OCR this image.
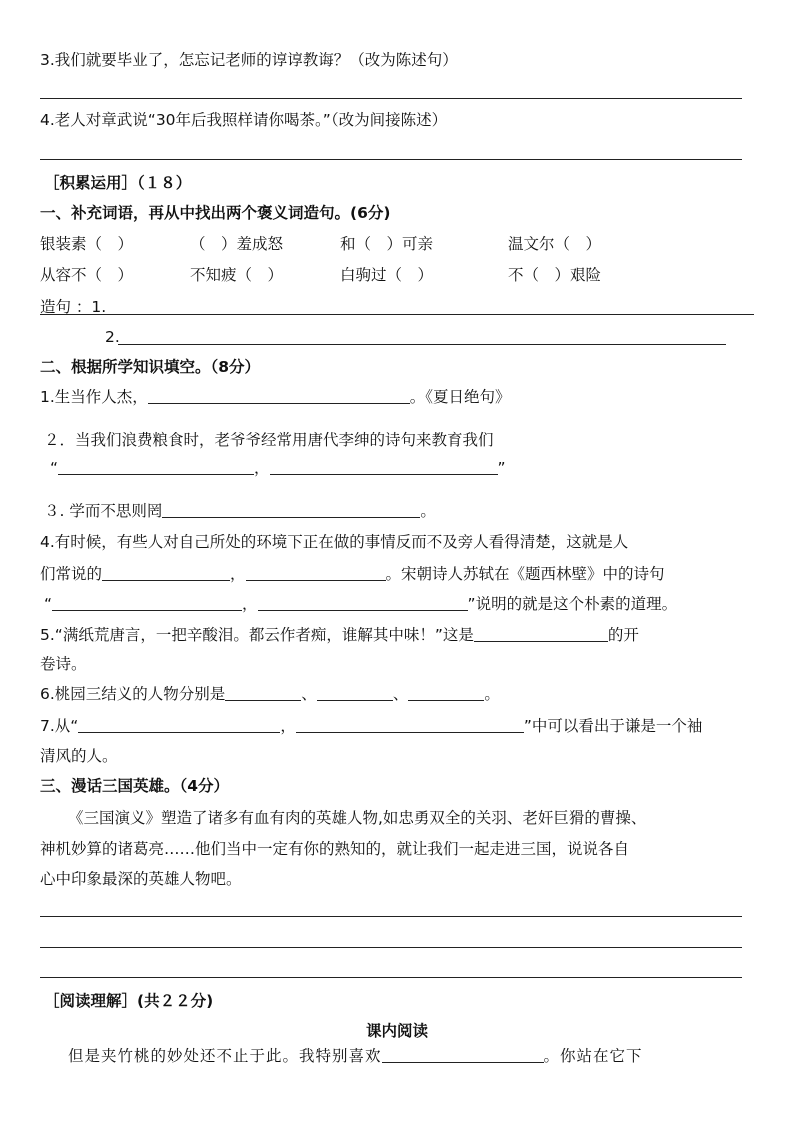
3.我们就要毕业了，怎忘记老师的谆谆教诲？（改为陈述句）
4.老人对章武说“30年后我照样请你喝茶。”（改为间接陈述）
［积累运用］（１８）
一、补充词语，再从中找出两个褒义词造句。(6分)
银装素（　）	（　）羞成怒	和（　）可亲	温文尔（　）
从容不（　）	不知疲（　）	白驹过（　）	不（　）艰险
造句 ：1.
2.
二、根据所学知识填空。（8分）
1.生当作人杰，	。《夏日绝句》
２．当我们浪费粮食时，老爷爷经常用唐代李绅的诗句来教育我们
“	，	”
３. 学而不思则罔	。
4.有时候，有些人对自己所处的环境下正在做的事情反而不及旁人看得清楚，这就是人
们常说的	，	。宋朝诗人苏轼在《题西林壁》中的诗句
“	，	”说明的就是这个朴素的道理。
5.“满纸荒唐言，一把辛酸泪。都云作者痴，谁解其中味！”这是	的开
卷诗。
6.桃园三结义的人物分别是	、	、	。
7.从“	，	”中可以看出于谦是一个袖
清风的人。
三、漫话三国英雄。（4分）
《三国演义》塑造了诸多有血有肉的英雄人物,如忠勇双全的关羽、老奸巨猾的曹操、
神机妙算的诸葛亮……他们当中一定有你的熟知的，就让我们一起走进三国，说说各自
心中印象最深的英雄人物吧。
［阅读理解］(共２２分)
课内阅读
但是夹竹桃的妙处还不止于此。我特别喜欢	。你站在它下
